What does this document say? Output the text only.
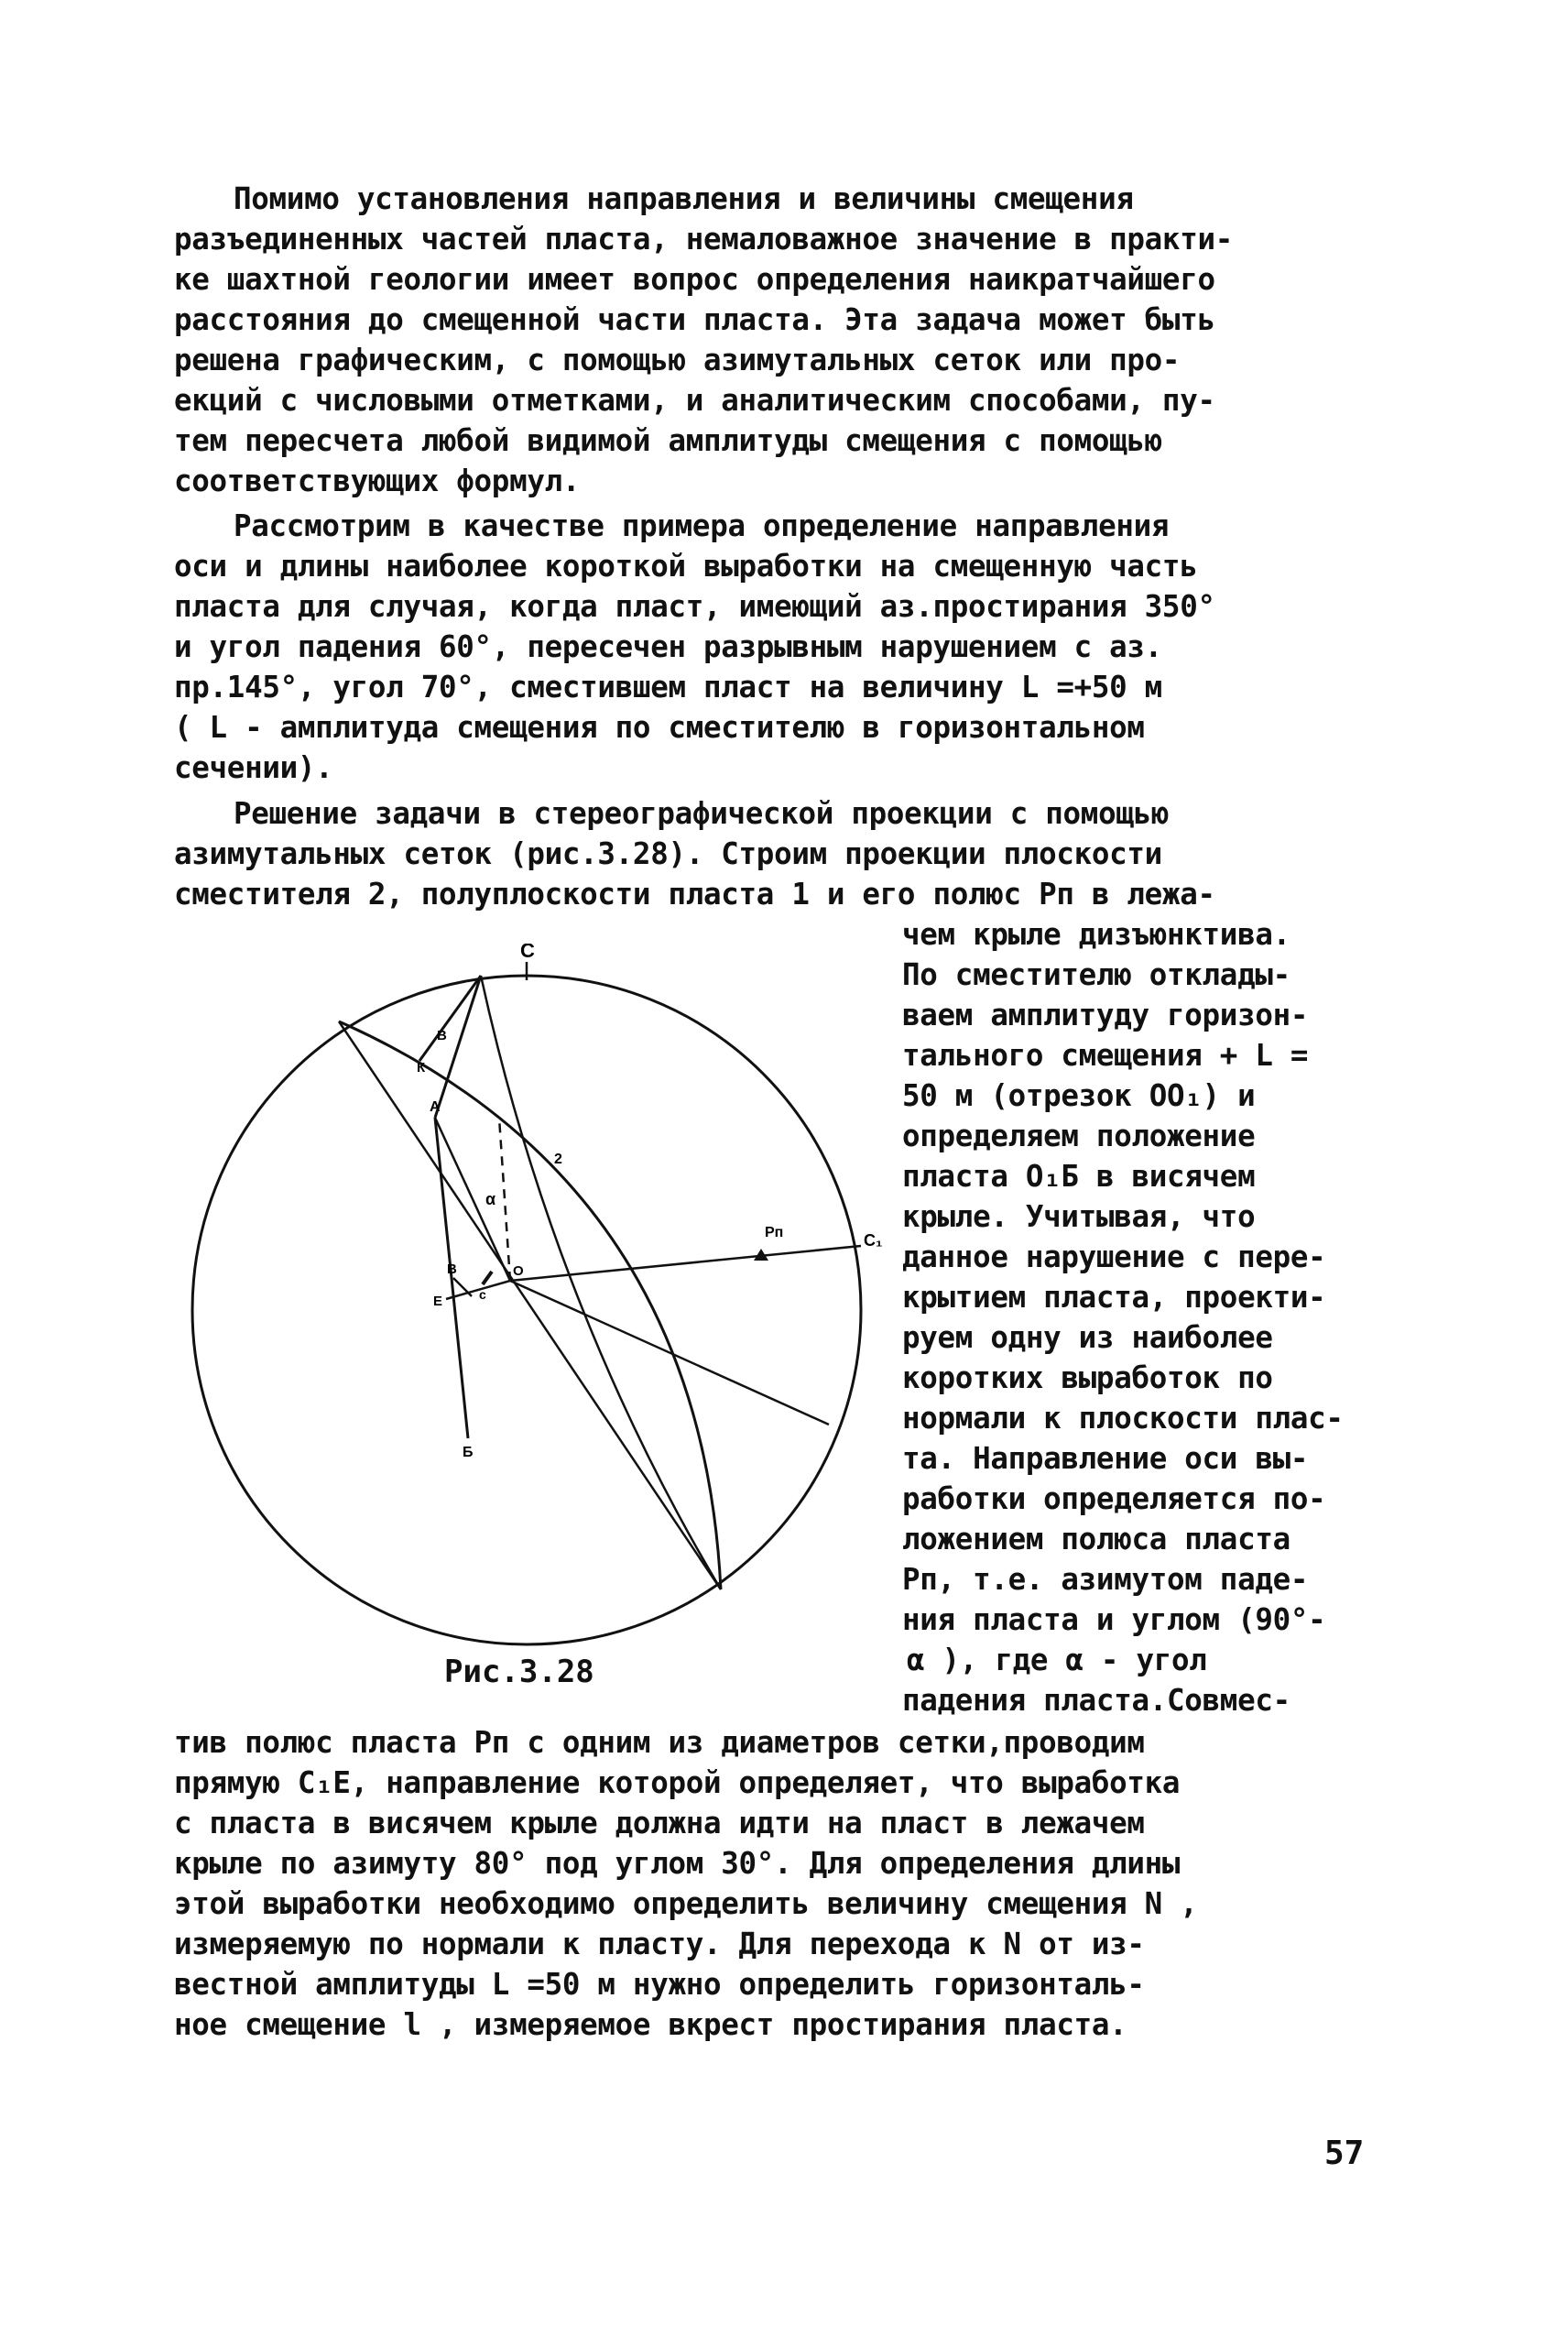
Помимо установления направления и величины смещения
разъединенных частей пласта, немаловажное значение в практи-
ке шахтной геологии имеет вопрос определения наикратчайшего
расстояния до смещенной части пласта. Эта задача может быть
решена графическим, с помощью азимутальных сеток или про-
екций с числовыми отметками, и аналитическим способами, пу-
тем пересчета любой видимой амплитуды смещения с помощью
соответствующих формул.
Рассмотрим в качестве примера определение направления
оси и длины наиболее короткой выработки на смещенную часть
пласта для случая, когда пласт, имеющий аз.простирания 350°
и угол падения 60°, пересечен разрывным нарушением с аз.
пр.145°, угол 70°, сместившем пласт на величину L =+50 м
( L - амплитуда смещения по сместителю в горизонтальном
сечении).
Решение задачи в стереографической проекции с помощью
азимутальных сеток (рис.3.28). Строим проекции плоскости
сместителя 2, полуплоскости пласта 1 и его полюс Рп в лежа-
чем крыле дизъюнктива.
По сместителю отклады-
ваем амплитуду горизон-
тального смещения + L =
50 м (отрезок OO₁) и
определяем положение
пласта O₁Б в висячем
крыле. Учитывая, что
данное нарушение с пере-
крытием пласта, проекти-
руем одну из наиболее
коротких выработок по
нормали к плоскости плас-
та. Направление оси вы-
работки определяется по-
ложением полюса пласта
Рп, т.е. азимутом паде-
ния пласта и углом (90°-
α ), где α - угол
падения пласта.Совмес-
С
C₁
Рп
А
К
В
Б
В
Е	с
О
α
2
Рис.3.28
тив полюс пласта Рп с одним из диаметров сетки,проводим
прямую C₁E, направление которой определяет, что выработка
с пласта в висячем крыле должна идти на пласт в лежачем
крыле по азимуту 80° под углом 30°. Для определения длины
этой выработки необходимо определить величину смещения N ,
измеряемую по нормали к пласту. Для перехода к N от из-
вестной амплитуды L =50 м нужно определить горизонталь-
ное смещение l , измеряемое вкрест простирания пласта.
57
